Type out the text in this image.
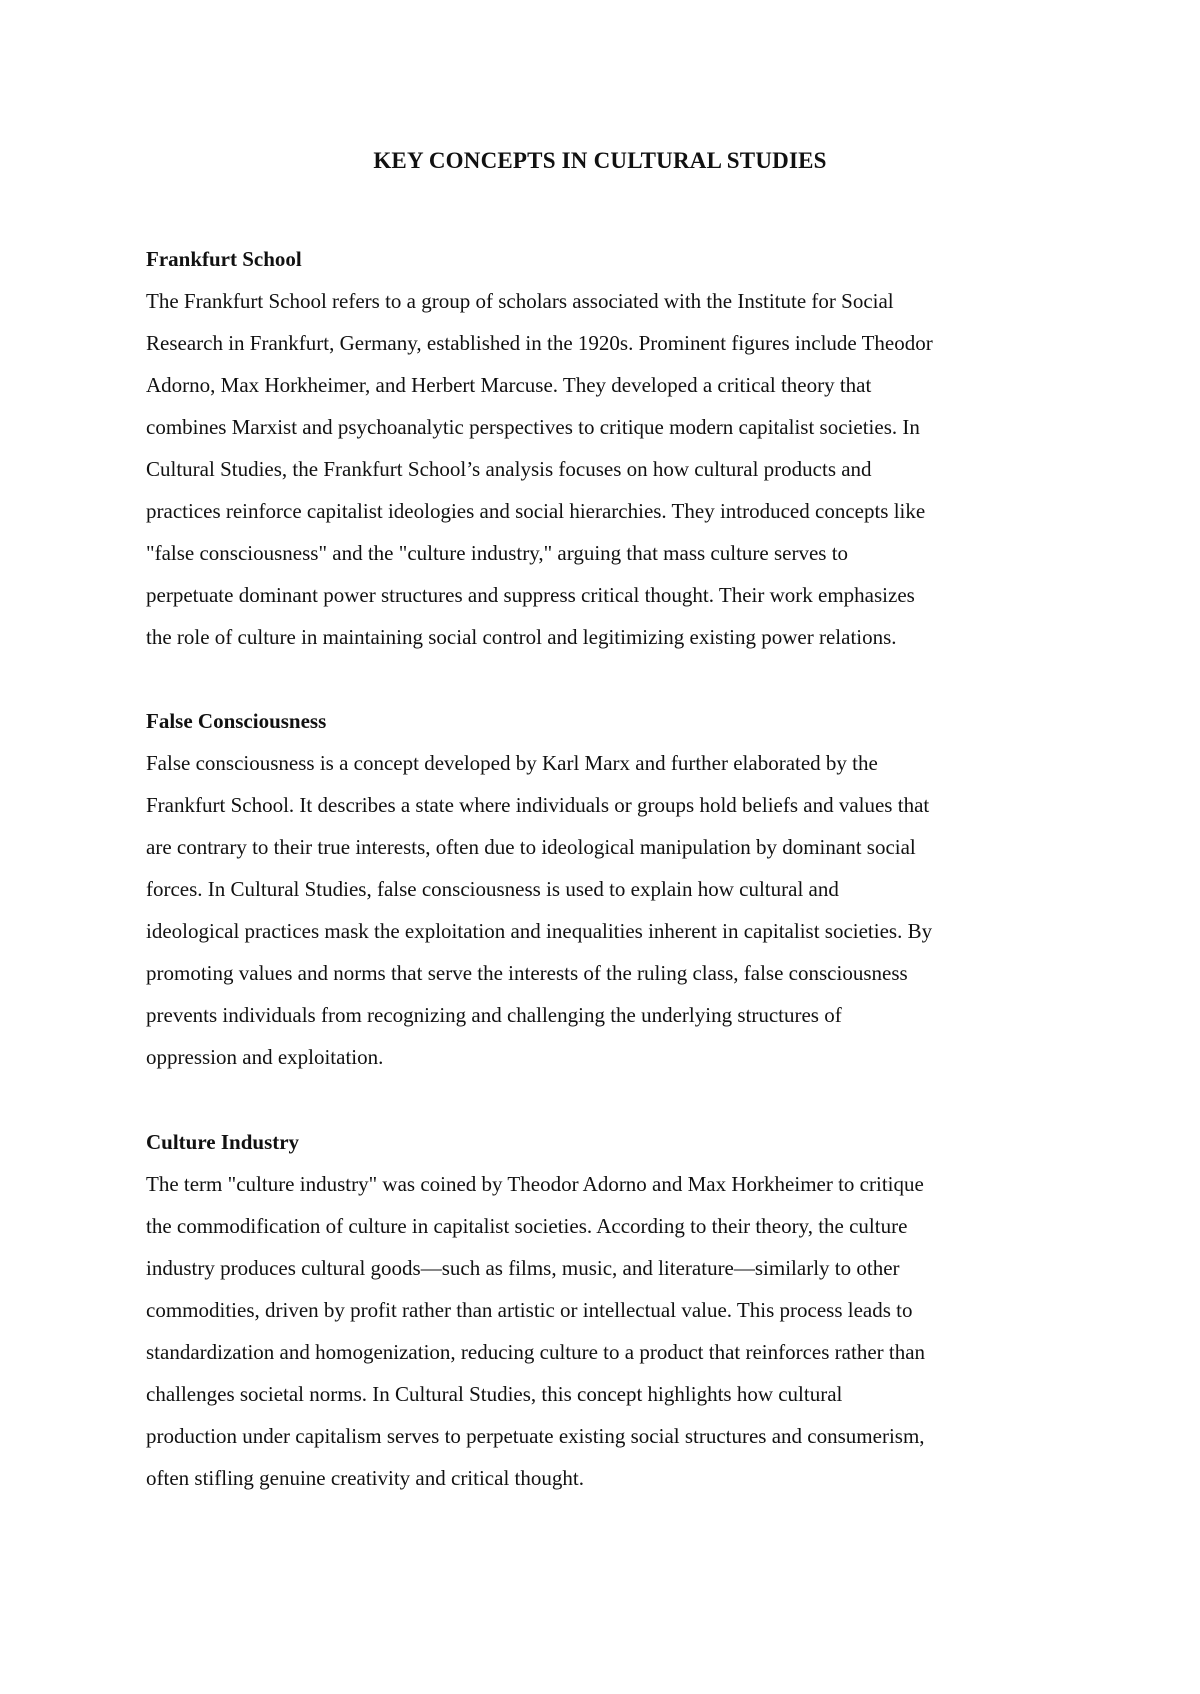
KEY CONCEPTS IN CULTURAL STUDIES
Frankfurt School

The Frankfurt School refers to a group of scholars associated with the Institute for Social
Research in Frankfurt, Germany, established in the 1920s. Prominent figures include Theodor
Adorno, Max Horkheimer, and Herbert Marcuse. They developed a critical theory that
combines Marxist and psychoanalytic perspectives to critique modern capitalist societies. In
Cultural Studies, the Frankfurt School’s analysis focuses on how cultural products and
practices reinforce capitalist ideologies and social hierarchies. They introduced concepts like
"false consciousness" and the "culture industry," arguing that mass culture serves to
perpetuate dominant power structures and suppress critical thought. Their work emphasizes
the role of culture in maintaining social control and legitimizing existing power relations.

False Consciousness

False consciousness is a concept developed by Karl Marx and further elaborated by the
Frankfurt School. It describes a state where individuals or groups hold beliefs and values that
are contrary to their true interests, often due to ideological manipulation by dominant social
forces. In Cultural Studies, false consciousness is used to explain how cultural and
ideological practices mask the exploitation and inequalities inherent in capitalist societies. By
promoting values and norms that serve the interests of the ruling class, false consciousness
prevents individuals from recognizing and challenging the underlying structures of
oppression and exploitation.

Culture Industry

The term "culture industry" was coined by Theodor Adorno and Max Horkheimer to critique
the commodification of culture in capitalist societies. According to their theory, the culture
industry produces cultural goods—such as films, music, and literature—similarly to other
commodities, driven by profit rather than artistic or intellectual value. This process leads to
standardization and homogenization, reducing culture to a product that reinforces rather than
challenges societal norms. In Cultural Studies, this concept highlights how cultural
production under capitalism serves to perpetuate existing social structures and consumerism,
often stifling genuine creativity and critical thought.
